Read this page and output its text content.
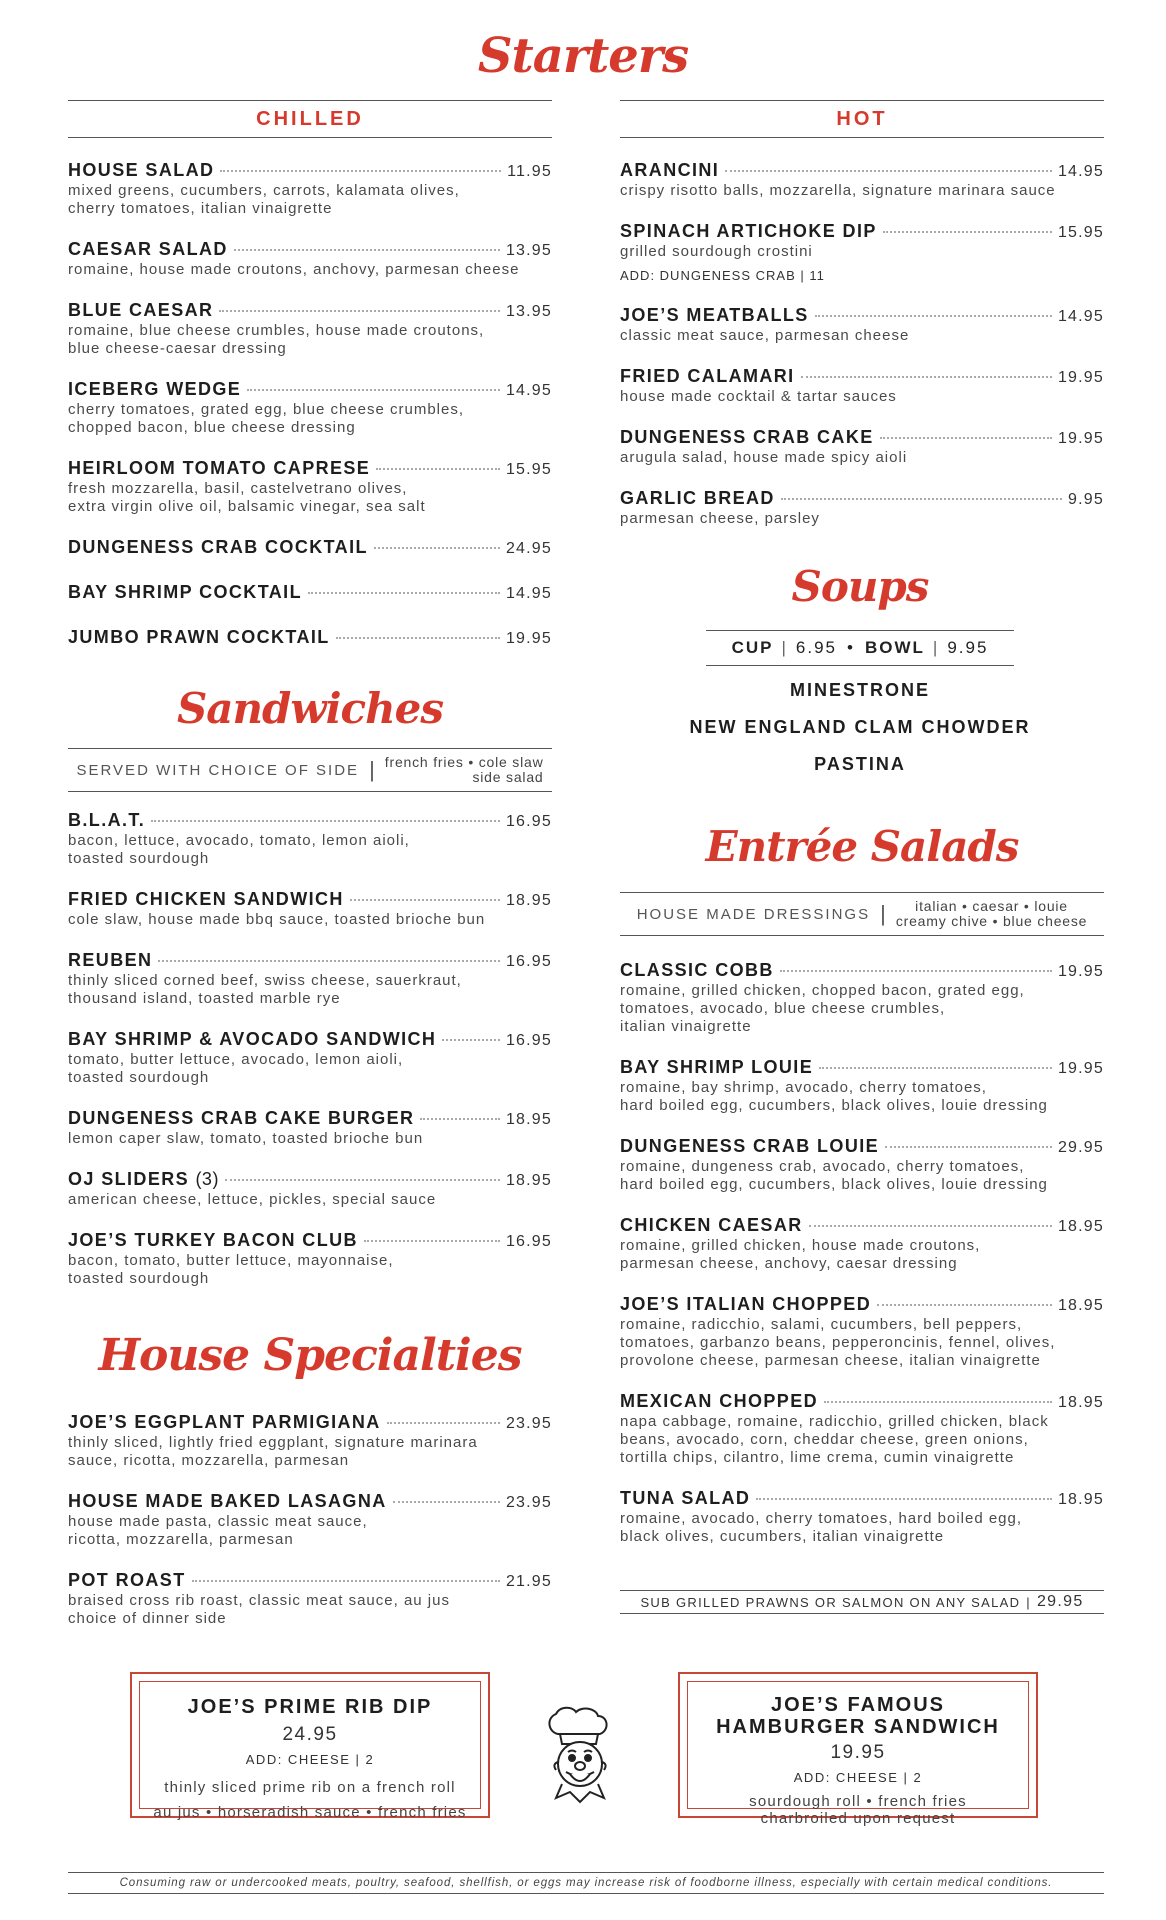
Starters
CHILLED	HOT
HOUSE SALAD	11.95
mixed greens, cucumbers, carrots, kalamata olives,
cherry tomatoes, italian vinaigrette
CAESAR SALAD	13.95
romaine, house made croutons, anchovy, parmesan cheese
BLUE CAESAR	13.95
romaine, blue cheese crumbles, house made croutons,
blue cheese-caesar dressing
ICEBERG WEDGE	14.95
cherry tomatoes, grated egg, blue cheese crumbles,
chopped bacon, blue cheese dressing
HEIRLOOM TOMATO CAPRESE	15.95
fresh mozzarella, basil, castelvetrano olives,
extra virgin olive oil, balsamic vinegar, sea salt
DUNGENESS CRAB COCKTAIL	24.95
BAY SHRIMP COCKTAIL	14.95
JUMBO PRAWN COCKTAIL	19.95
ARANCINI	14.95
crispy risotto balls, mozzarella, signature marinara sauce
SPINACH ARTICHOKE DIP	15.95
grilled sourdough crostini
ADD: DUNGENESS CRAB | 11
JOE’S MEATBALLS	14.95
classic meat sauce, parmesan cheese
FRIED CALAMARI	19.95
house made cocktail & tartar sauces
DUNGENESS CRAB CAKE	19.95
arugula salad, house made spicy aioli
GARLIC BREAD	9.95
parmesan cheese, parsley
Sandwiches
SERVED WITH CHOICE OF SIDE | french fries • cole slaw
side salad
B.L.A.T.	16.95
bacon, lettuce, avocado, tomato, lemon aioli,
toasted sourdough
FRIED CHICKEN SANDWICH	18.95
cole slaw, house made bbq sauce, toasted brioche bun
REUBEN	16.95
thinly sliced corned beef, swiss cheese, sauerkraut,
thousand island, toasted marble rye
BAY SHRIMP & AVOCADO SANDWICH	16.95
tomato, butter lettuce, avocado, lemon aioli,
toasted sourdough
DUNGENESS CRAB CAKE BURGER	18.95
lemon caper slaw, tomato, toasted brioche bun
OJ SLIDERS (3)	18.95
american cheese, lettuce, pickles, special sauce
JOE’S TURKEY BACON CLUB	16.95
bacon, tomato, butter lettuce, mayonnaise,
toasted sourdough
House Specialties
JOE’S EGGPLANT PARMIGIANA	23.95
thinly sliced, lightly fried eggplant, signature marinara
sauce, ricotta, mozzarella, parmesan
HOUSE MADE BAKED LASAGNA	23.95
house made pasta, classic meat sauce,
ricotta, mozzarella, parmesan
POT ROAST	21.95
braised cross rib roast, classic meat sauce, au jus
choice of dinner side
Soups
CUP | 6.95 • BOWL | 9.95
MINESTRONE
NEW ENGLAND CLAM CHOWDER
PASTINA
Entrée Salads
HOUSE MADE DRESSINGS |	italian • caesar • louie
creamy chive • blue cheese
CLASSIC COBB	19.95
romaine, grilled chicken, chopped bacon, grated egg,
tomatoes, avocado, blue cheese crumbles,
italian vinaigrette
BAY SHRIMP LOUIE	19.95
romaine, bay shrimp, avocado, cherry tomatoes,
hard boiled egg, cucumbers, black olives, louie dressing
DUNGENESS CRAB LOUIE	29.95
romaine, dungeness crab, avocado, cherry tomatoes,
hard boiled egg, cucumbers, black olives, louie dressing
CHICKEN CAESAR	18.95
romaine, grilled chicken, house made croutons,
parmesan cheese, anchovy, caesar dressing
JOE’S ITALIAN CHOPPED	18.95
romaine, radicchio, salami, cucumbers, bell peppers,
tomatoes, garbanzo beans, pepperoncinis, fennel, olives,
provolone cheese, parmesan cheese, italian vinaigrette
MEXICAN CHOPPED	18.95
napa cabbage, romaine, radicchio, grilled chicken, black
beans, avocado, corn, cheddar cheese, green onions,
tortilla chips, cilantro, lime crema, cumin vinaigrette
TUNA SALAD	18.95
romaine, avocado, cherry tomatoes, hard boiled egg,
black olives, cucumbers, italian vinaigrette
SUB GRILLED PRAWNS OR SALMON ON ANY SALAD | 29.95
JOE’S PRIME RIB DIP
24.95
ADD: CHEESE | 2
thinly sliced prime rib on a french roll
au jus • horseradish sauce • french fries
JOE’S FAMOUS
HAMBURGER SANDWICH
19.95
ADD: CHEESE | 2
sourdough roll • french fries
charbroiled upon request
Consuming raw or undercooked meats, poultry, seafood, shellfish, or eggs may increase risk of foodborne illness, especially with certain medical conditions.
